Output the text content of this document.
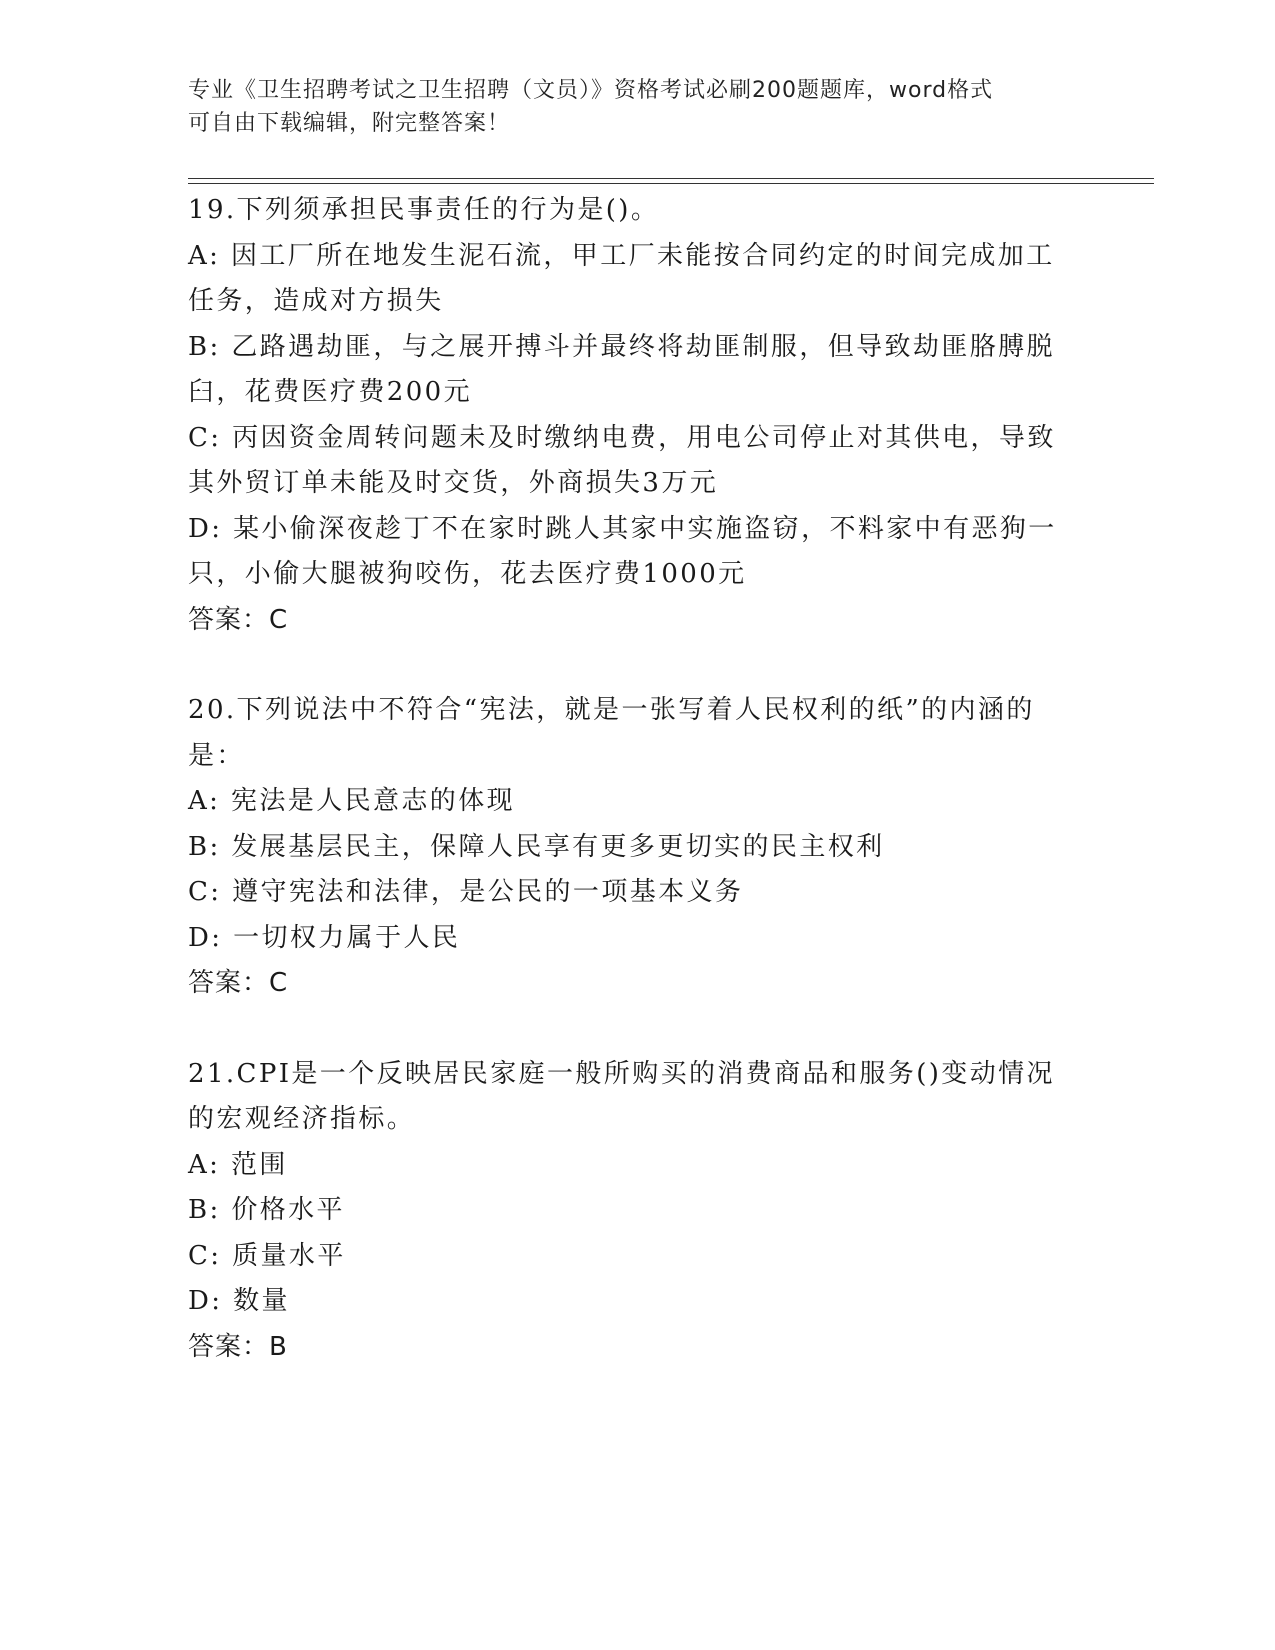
专业《卫生招聘考试之卫生招聘（文员）》资格考试必刷200题题库，word格式
可自由下载编辑，附完整答案！
19.下列须承担民事责任的行为是()。
A: 因工厂所在地发生泥石流，甲工厂未能按合同约定的时间完成加工
任务，造成对方损失
B: 乙路遇劫匪，与之展开搏斗并最终将劫匪制服，但导致劫匪胳膊脱
臼，花费医疗费200元
C: 丙因资金周转问题未及时缴纳电费，用电公司停止对其供电，导致
其外贸订单未能及时交货，外商损失3万元
D: 某小偷深夜趁丁不在家时跳人其家中实施盗窃，不料家中有恶狗一
只，小偷大腿被狗咬伤，花去医疗费1000元
答案：C
20.下列说法中不符合“宪法，就是一张写着人民权利的纸”的内涵的
是：
A: 宪法是人民意志的体现
B: 发展基层民主，保障人民享有更多更切实的民主权利
C: 遵守宪法和法律，是公民的一项基本义务
D: 一切权力属于人民
答案：C
21.CPI是一个反映居民家庭一般所购买的消费商品和服务()变动情况
的宏观经济指标。
A: 范围
B: 价格水平
C: 质量水平
D: 数量
答案：B
